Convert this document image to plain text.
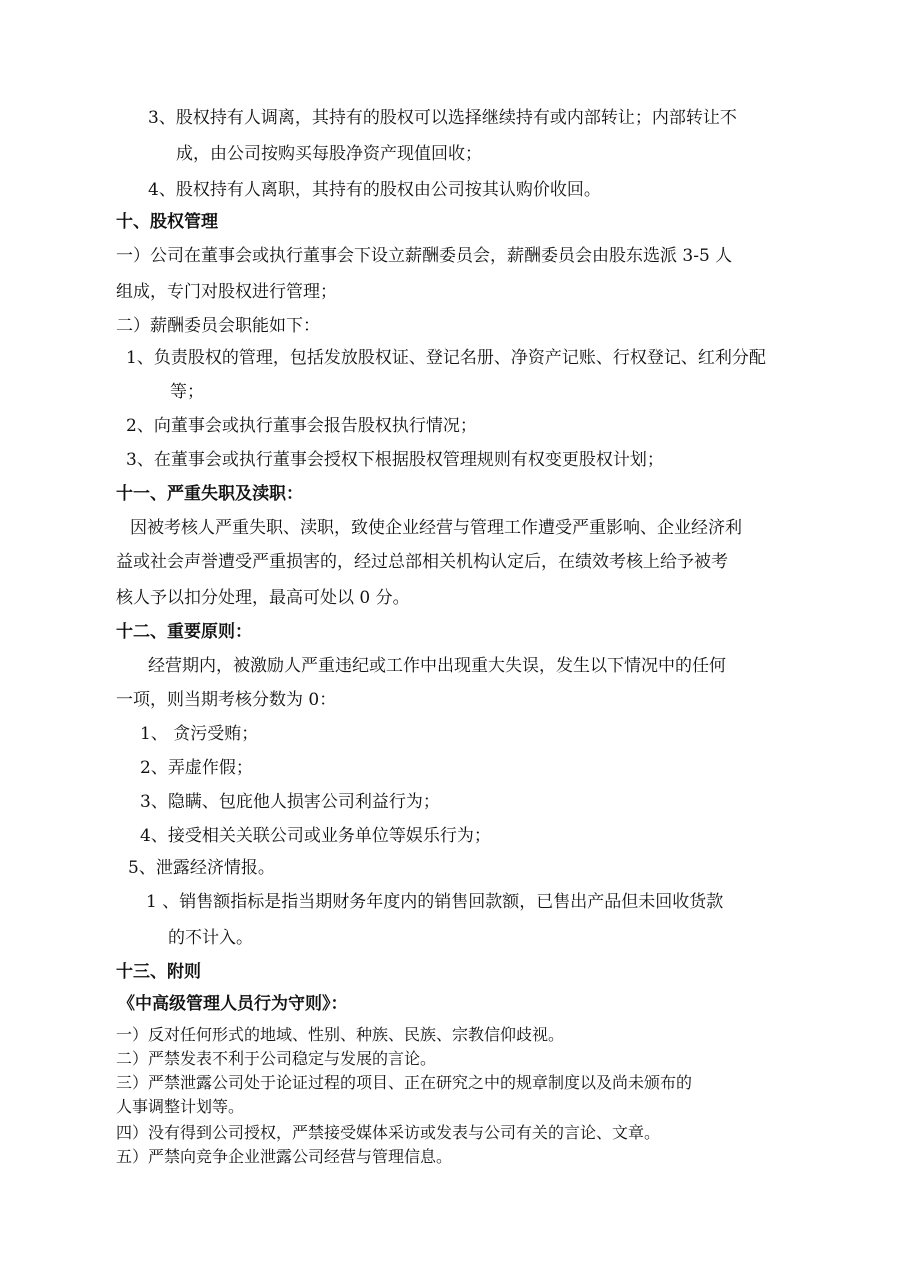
3、股权持有人调离，其持有的股权可以选择继续持有或内部转让；内部转让不
成，由公司按购买每股净资产现值回收；
4、股权持有人离职，其持有的股权由公司按其认购价收回。
十、股权管理
一）公司在董事会或执行董事会下设立薪酬委员会，薪酬委员会由股东选派 3-5 人
组成，专门对股权进行管理；
二）薪酬委员会职能如下：
1、负责股权的管理，包括发放股权证、登记名册、净资产记账、行权登记、红利分配
等；
2、向董事会或执行董事会报告股权执行情况；
3、在董事会或执行董事会授权下根据股权管理规则有权变更股权计划；
十一、严重失职及渎职：
因被考核人严重失职、渎职，致使企业经营与管理工作遭受严重影响、企业经济利
益或社会声誉遭受严重损害的，经过总部相关机构认定后，在绩效考核上给予被考
核人予以扣分处理，最高可处以 0 分。
十二、重要原则：
经营期内，被激励人严重违纪或工作中出现重大失误，发生以下情况中的任何
一项，则当期考核分数为 0：
1、 贪污受贿；
2、弄虚作假；
3、隐瞒、包庇他人损害公司利益行为；
4、接受相关关联公司或业务单位等娱乐行为；
5、泄露经济情报。
1 、销售额指标是指当期财务年度内的销售回款额，已售出产品但未回收货款
的不计入。
十三、附则
《中高级管理人员行为守则》：
一）反对任何形式的地域、性别、种族、民族、宗教信仰歧视。
二）严禁发表不利于公司稳定与发展的言论。
三）严禁泄露公司处于论证过程的项目、正在研究之中的规章制度以及尚未颁布的
人事调整计划等。
四）没有得到公司授权，严禁接受媒体采访或发表与公司有关的言论、文章。
五）严禁向竞争企业泄露公司经营与管理信息。
